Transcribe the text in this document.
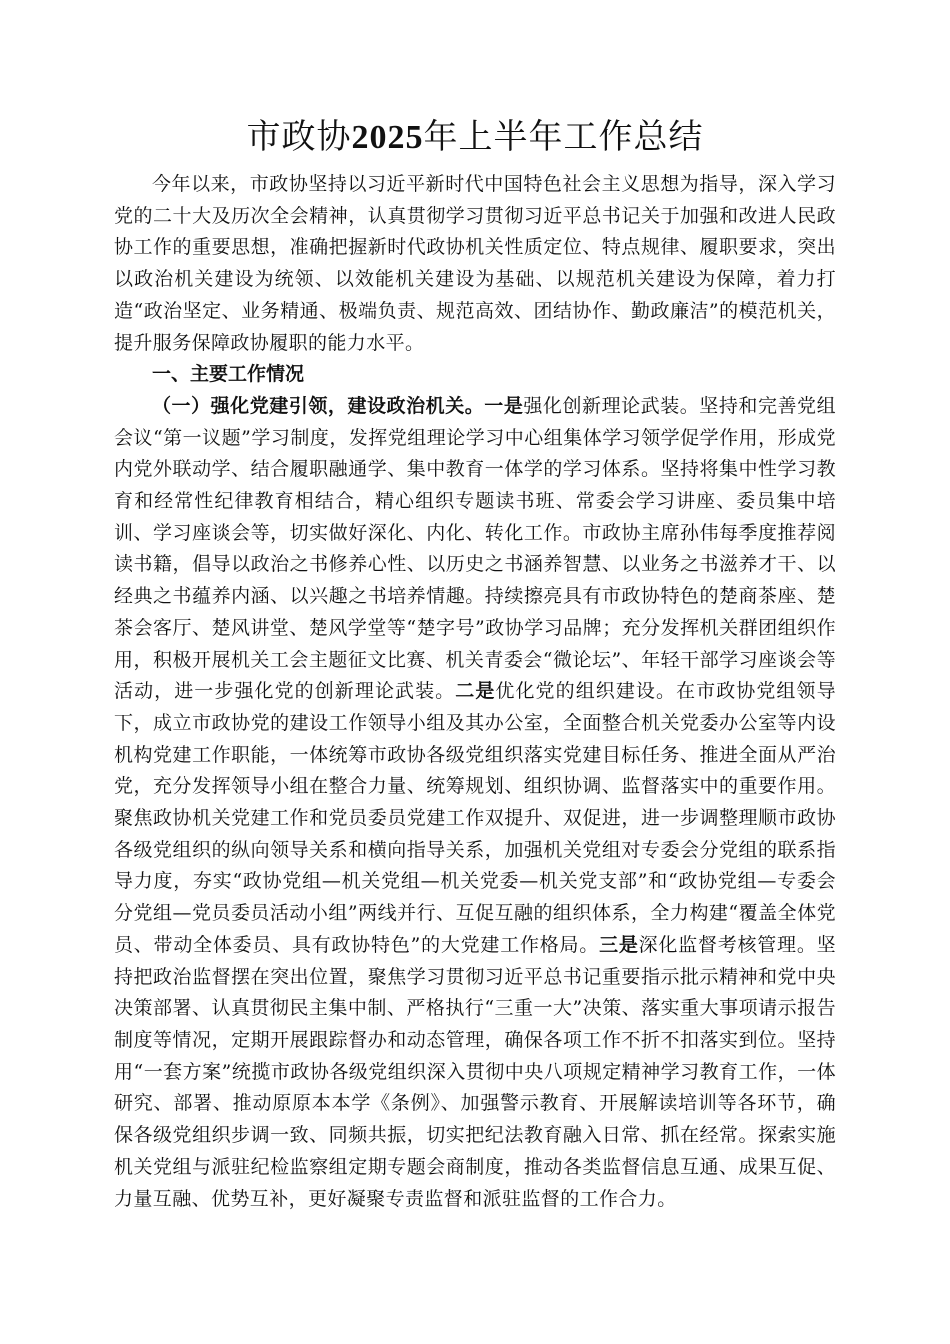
市政协2025年上半年工作总结

今年以来，市政协坚持以习近平新时代中国特色社会主义思想为指导，深入学习党的二十大及历次全会精神，认真贯彻学习贯彻习近平总书记关于加强和改进人民政协工作的重要思想，准确把握新时代政协机关性质定位、特点规律、履职要求，突出以政治机关建设为统领、以效能机关建设为基础、以规范机关建设为保障，着力打造“政治坚定、业务精通、极端负责、规范高效、团结协作、勤政廉洁”的模范机关，提升服务保障政协履职的能力水平。

一、主要工作情况

（一）强化党建引领，建设政治机关。一是强化创新理论武装。坚持和完善党组会议“第一议题”学习制度，发挥党组理论学习中心组集体学习领学促学作用，形成党内党外联动学、结合履职融通学、集中教育一体学的学习体系。坚持将集中性学习教育和经常性纪律教育相结合，精心组织专题读书班、常委会学习讲座、委员集中培训、学习座谈会等，切实做好深化、内化、转化工作。市政协主席孙伟每季度推荐阅读书籍，倡导以政治之书修养心性、以历史之书涵养智慧、以业务之书滋养才干、以经典之书蕴养内涵、以兴趣之书培养情趣。持续擦亮具有市政协特色的楚商茶座、楚茶会客厅、楚风讲堂、楚风学堂等“楚字号”政协学习品牌；充分发挥机关群团组织作用，积极开展机关工会主题征文比赛、机关青委会“微论坛”、年轻干部学习座谈会等活动，进一步强化党的创新理论武装。二是优化党的组织建设。在市政协党组领导下，成立市政协党的建设工作领导小组及其办公室，全面整合机关党委办公室等内设机构党建工作职能，一体统筹市政协各级党组织落实党建目标任务、推进全面从严治党，充分发挥领导小组在整合力量、统筹规划、组织协调、监督落实中的重要作用。聚焦政协机关党建工作和党员委员党建工作双提升、双促进，进一步调整理顺市政协各级党组织的纵向领导关系和横向指导关系，加强机关党组对专委会分党组的联系指导力度，夯实“政协党组—机关党组—机关党委—机关党支部”和“政协党组—专委会分党组—党员委员活动小组”两线并行、互促互融的组织体系，全力构建“覆盖全体党员、带动全体委员、具有政协特色”的大党建工作格局。三是深化监督考核管理。坚持把政治监督摆在突出位置，聚焦学习贯彻习近平总书记重要指示批示精神和党中央决策部署、认真贯彻民主集中制、严格执行“三重一大”决策、落实重大事项请示报告制度等情况，定期开展跟踪督办和动态管理，确保各项工作不折不扣落实到位。坚持用“一套方案”统揽市政协各级党组织深入贯彻中央八项规定精神学习教育工作，一体研究、部署、推动原原本本学《条例》、加强警示教育、开展解读培训等各环节，确保各级党组织步调一致、同频共振，切实把纪法教育融入日常、抓在经常。探索实施机关党组与派驻纪检监察组定期专题会商制度，推动各类监督信息互通、成果互促、力量互融、优势互补，更好凝聚专责监督和派驻监督的工作合力。
